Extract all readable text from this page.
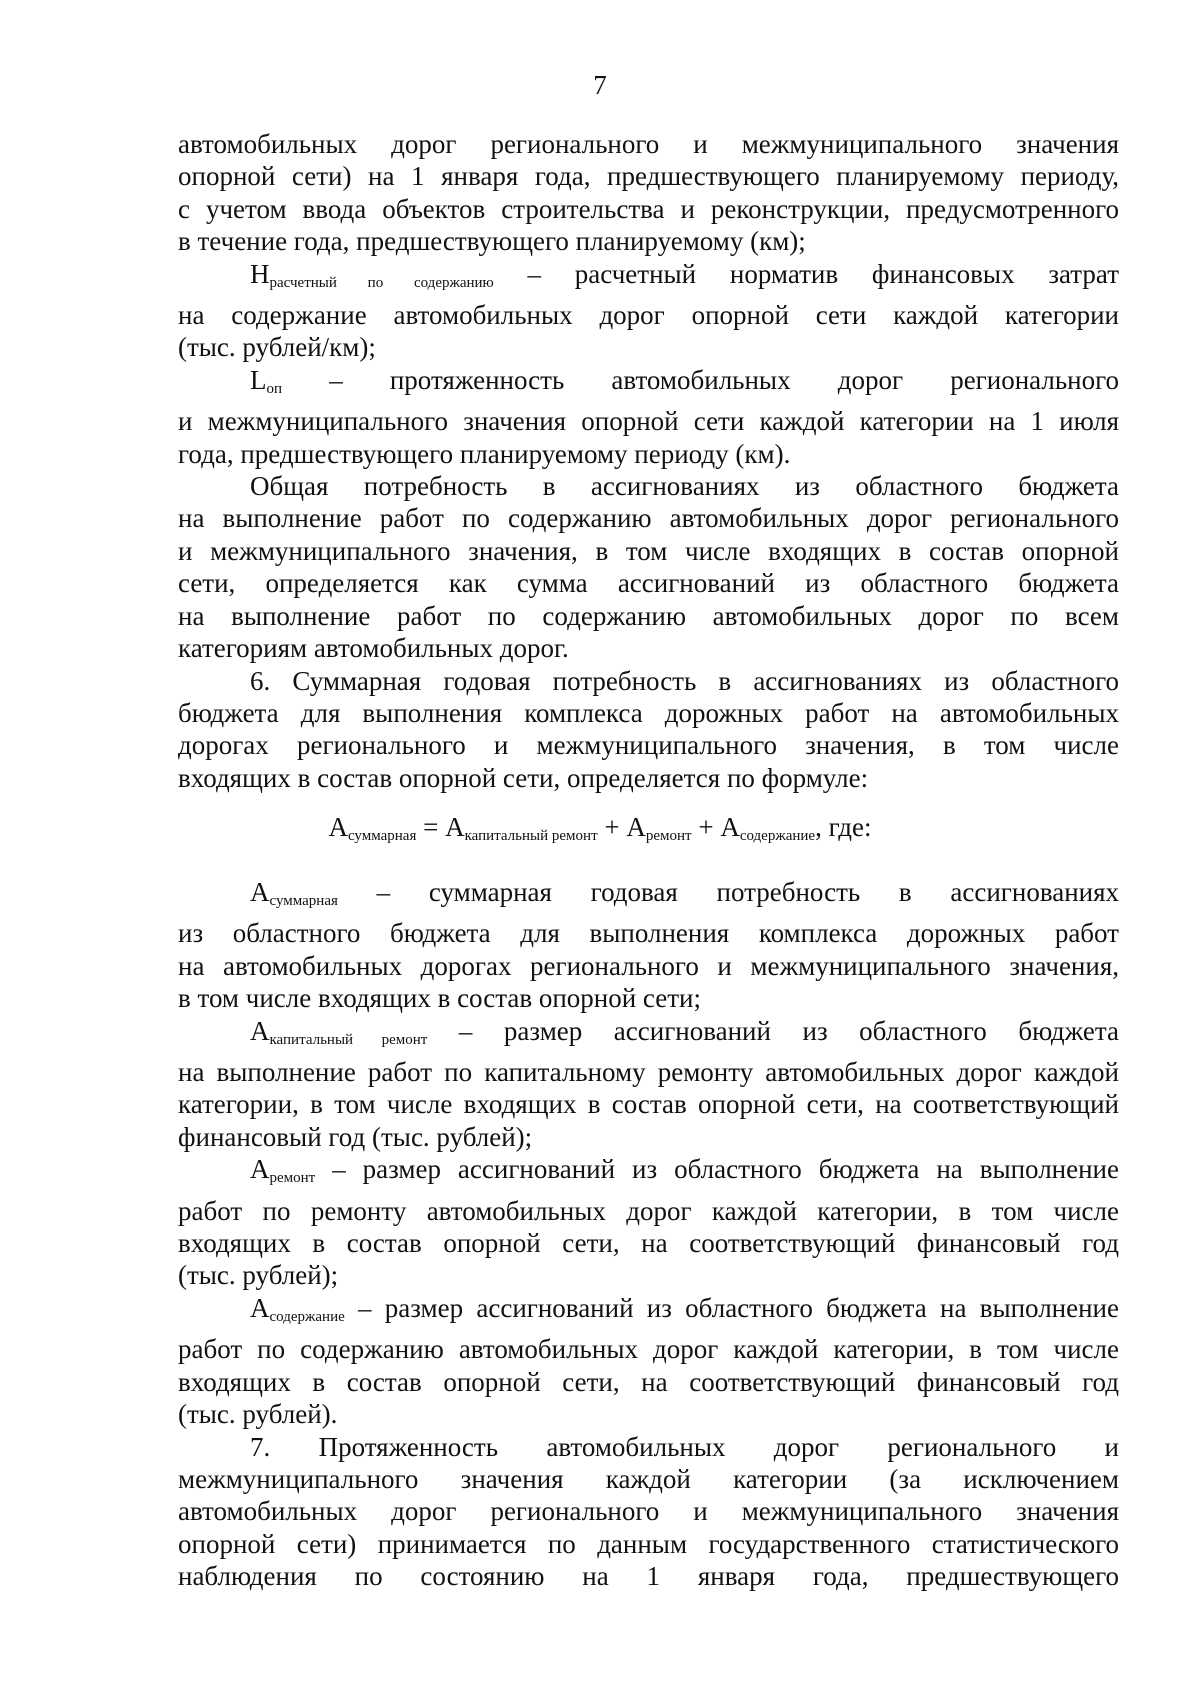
7
автомобильных дорог регионального и межмуниципального значения
опорной сети) на 1 января года, предшествующего планируемому периоду,
с учетом ввода объектов строительства и реконструкции, предусмотренного
в течение года, предшествующего планируемому (км);
$Н_{расчетный по содержанию}$ – расчетный норматив финансовых затрат
на содержание автомобильных дорог опорной сети каждой категории
(тыс. рублей/км);
$L_{оп}$ – протяженность автомобильных дорог регионального
и межмуниципального значения опорной сети каждой категории на 1 июля
года, предшествующего планируемому периоду (км).
Общая потребность в ассигнованиях из областного бюджета
на выполнение работ по содержанию автомобильных дорог регионального
и межмуниципального значения, в том числе входящих в состав опорной
сети, определяется как сумма ассигнований из областного бюджета
на выполнение работ по содержанию автомобильных дорог по всем
категориям автомобильных дорог.
6. Суммарная годовая потребность в ассигнованиях из областного
бюджета для выполнения комплекса дорожных работ на автомобильных
дорогах регионального и межмуниципального значения, в том числе
входящих в состав опорной сети, определяется по формуле:
$А_{суммарная} = А_{капитальный ремонт} + А_{ремонт} + А_{содержание}$, где:
$А_{суммарная}$ – суммарная годовая потребность в ассигнованиях
из областного бюджета для выполнения комплекса дорожных работ
на автомобильных дорогах регионального и межмуниципального значения,
в том числе входящих в состав опорной сети;
$А_{капитальный ремонт}$ – размер ассигнований из областного бюджета
на выполнение работ по капитальному ремонту автомобильных дорог каждой
категории, в том числе входящих в состав опорной сети, на соответствующий
финансовый год (тыс. рублей);
$А_{ремонт}$ – размер ассигнований из областного бюджета на выполнение
работ по ремонту автомобильных дорог каждой категории, в том числе
входящих в состав опорной сети, на соответствующий финансовый год
(тыс. рублей);
$А_{содержание}$ – размер ассигнований из областного бюджета на выполнение
работ по содержанию автомобильных дорог каждой категории, в том числе
входящих в состав опорной сети, на соответствующий финансовый год
(тыс. рублей).
7. Протяженность автомобильных дорог регионального и
межмуниципального значения каждой категории (за исключением
автомобильных дорог регионального и межмуниципального значения
опорной сети) принимается по данным государственного статистического
наблюдения по состоянию на 1 января года, предшествующего
